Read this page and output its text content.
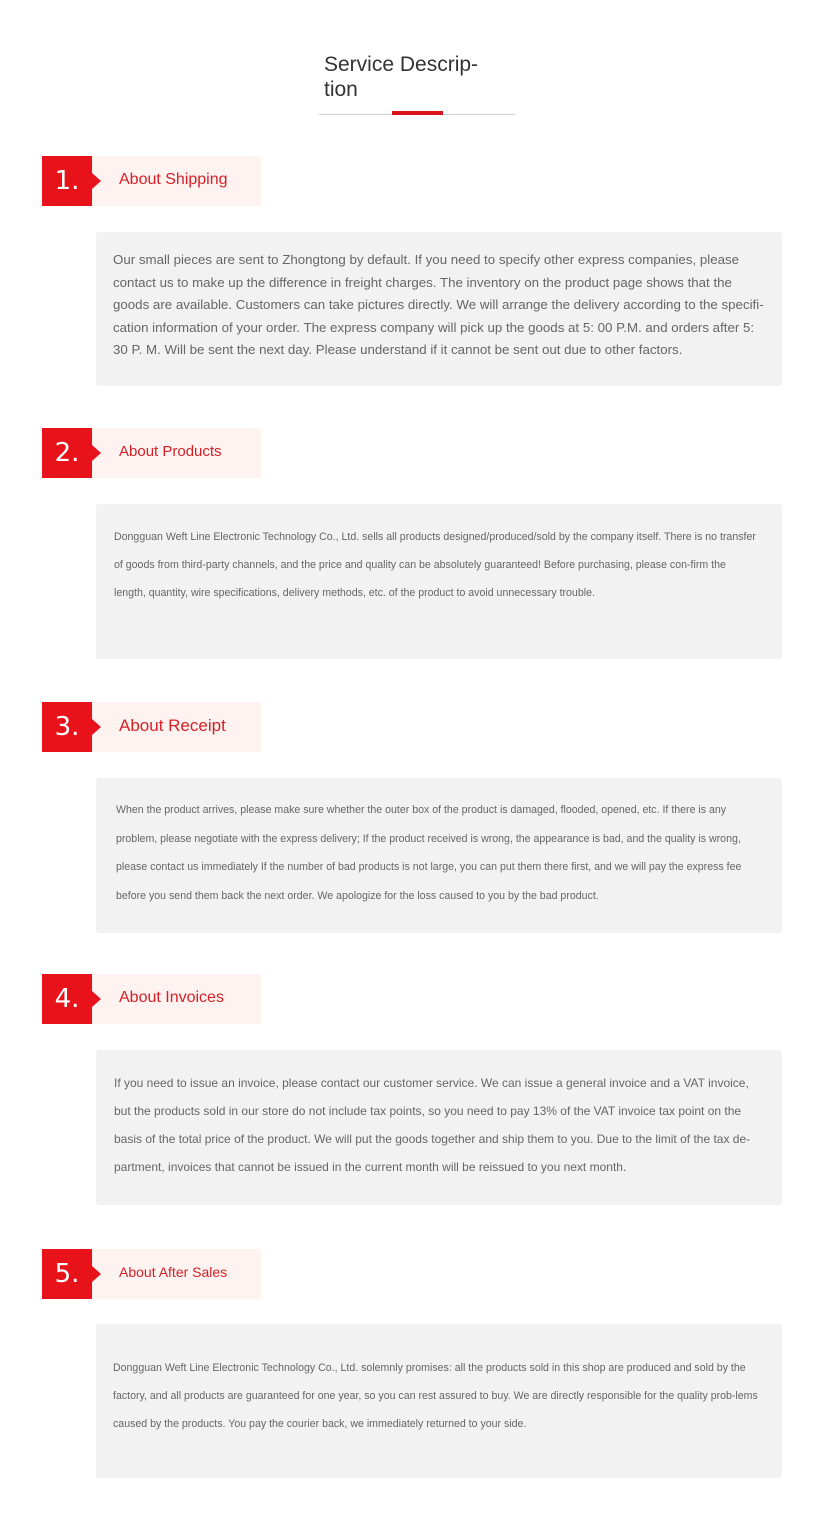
Service Descrip-
tion
1.	About Shipping

Our small pieces are sent to Zhongtong by default. If you need to specify other express companies, please contact us to make up the difference in freight charges. The inventory on the product page shows that the goods are available. Customers can take pictures directly. We will arrange the delivery according to the specifi-cation information of your order. The express company will pick up the goods at 5: 00 P.M. and orders after 5: 30 P. M. Will be sent the next day. Please understand if it cannot be sent out due to other factors.

2.	About Products

Dongguan Weft Line Electronic Technology Co., Ltd. sells all products designed/produced/sold by the company itself. There is no transfer of goods from third-party channels, and the price and quality can be absolutely guaranteed! Before purchasing, please con-firm the length, quantity, wire specifications, delivery methods, etc. of the product to avoid unnecessary trouble.

3.	About Receipt

When the product arrives, please make sure whether the outer box of the product is damaged, flooded, opened, etc. If there is any problem, please negotiate with the express delivery; If the product received is wrong, the appearance is bad, and the quality is wrong, please contact us immediately If the number of bad products is not large, you can put them there first, and we will pay the express fee before you send them back the next order. We apologize for the loss caused to you by the bad product.

4.	About Invoices

If you need to issue an invoice, please contact our customer service. We can issue a general invoice and a VAT invoice, but the products sold in our store do not include tax points, so you need to pay 13% of the VAT invoice tax point on the basis of the total price of the product. We will put the goods together and ship them to you. Due to the limit of the tax de-partment, invoices that cannot be issued in the current month will be reissued to you next month.

5.	About After Sales

Dongguan Weft Line Electronic Technology Co., Ltd. solemnly promises: all the products sold in this shop are produced and sold by the factory, and all products are guaranteed for one year, so you can rest assured to buy. We are directly responsible for the quality prob-lems caused by the products. You pay the courier back, we immediately returned to your side.
